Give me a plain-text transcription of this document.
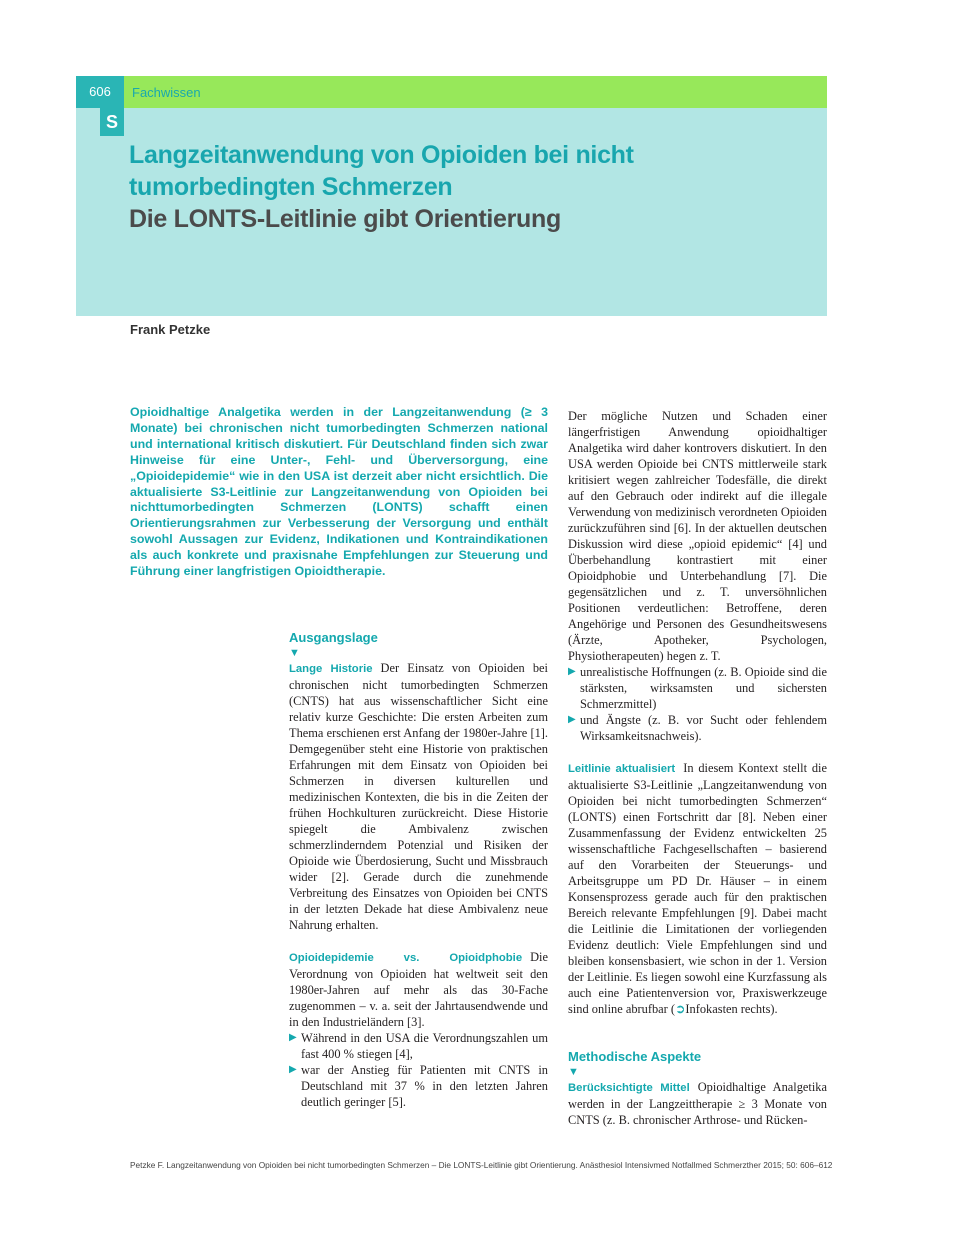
606	Fachwissen
S
Langzeitanwendung von Opioiden bei nicht tumorbedingten Schmerzen
Die LONTS-Leitlinie gibt Orientierung
Frank Petzke

Opioidhaltige Analgetika werden in der Langzeitanwendung (≥ 3 Monate) bei chronischen nicht tumorbedingten Schmerzen national und international kritisch diskutiert. Für Deutschland finden sich zwar Hinweise für eine Unter-, Fehl- und Überversorgung, eine „Opioidepidemie“ wie in den USA ist derzeit aber nicht ersichtlich. Die aktualisierte S3-Leitlinie zur Langzeitanwendung von Opioiden bei nichttumorbedingten Schmerzen (LONTS) schafft einen Orientierungsrahmen zur Verbesserung der Versorgung und enthält sowohl Aussagen zur Evidenz, Indikationen und Kontraindikationen als auch konkrete und praxisnahe Empfehlungen zur Steuerung und Führung einer langfristigen Opioidtherapie.

Ausgangslage
▼

Lange Historie Der Einsatz von Opioiden bei chronischen nicht tumorbedingten Schmerzen (CNTS) hat aus wissenschaftlicher Sicht eine relativ kurze Geschichte: Die ersten Arbeiten zum Thema erschienen erst Anfang der 1980er-Jahre [1]. Demgegenüber steht eine Historie von praktischen Erfahrungen mit dem Einsatz von Opioiden bei Schmerzen in diversen kulturellen und medizinischen Kontexten, die bis in die Zeiten der frühen Hochkulturen zurückreicht. Diese Historie spiegelt die Ambivalenz zwischen schmerzlinderndem Potenzial und Risiken der Opioide wie Überdosierung, Sucht und Missbrauch wider [2]. Gerade durch die zunehmende Verbreitung des Einsatzes von Opioiden bei CNTS in der letzten Dekade hat diese Ambivalenz neue Nahrung erhalten.

Opioidepidemie vs. Opioidphobie Die Verordnung von Opioiden hat weltweit seit den 1980er-Jahren auf mehr als das 30-Fache zugenommen – v. a. seit der Jahrtausendwende und in den Industrieländern [3].

▶ Während in den USA die Verordnungszahlen um fast 400 % stiegen [4],
▶ war der Anstieg für Patienten mit CNTS in Deutschland mit 37 % in den letzten Jahren deutlich geringer [5].

Der mögliche Nutzen und Schaden einer längerfristigen Anwendung opioidhaltiger Analgetika wird daher kontrovers diskutiert. In den USA werden Opioide bei CNTS mittlerweile stark kritisiert wegen zahlreicher Todesfälle, die direkt auf den Gebrauch oder indirekt auf die illegale Verwendung von medizinisch verordneten Opioiden zurückzuführen sind [6]. In der aktuellen deutschen Diskussion wird diese „opioid epidemic“ [4] und Überbehandlung kontrastiert mit einer Opioidphobie und Unterbehandlung [7]. Die gegensätzlichen und z. T. unversöhnlichen Positionen verdeutlichen: Betroffene, deren Angehörige und Personen des Gesundheitswesens (Ärzte, Apotheker, Psychologen, Physiotherapeuten) hegen z. T.

▶ unrealistische Hoffnungen (z. B. Opioide sind die stärksten, wirksamsten und sichersten Schmerzmittel)
▶ und Ängste (z. B. vor Sucht oder fehlendem Wirksamkeitsnachweis).

Leitlinie aktualisiert In diesem Kontext stellt die aktualisierte S3-Leitlinie „Langzeitanwendung von Opioiden bei nicht tumorbedingten Schmerzen“ (LONTS) einen Fortschritt dar [8]. Neben einer Zusammenfassung der Evidenz entwickelten 25 wissenschaftliche Fachgesellschaften – basierend auf den Vorarbeiten der Steuerungs- und Arbeitsgruppe um PD Dr. Häuser – in einem Konsensprozess gerade auch für den praktischen Bereich relevante Empfehlungen [9]. Dabei macht die Leitlinie die Limitationen der vorliegenden Evidenz deutlich: Viele Empfehlungen sind und bleiben konsensbasiert, wie schon in der 1. Version der Leitlinie. Es liegen sowohl eine Kurzfassung als auch eine Patientenversion vor, Praxiswerkzeuge sind online abrufbar (➲Infokasten rechts).

Methodische Aspekte
▼

Berücksichtigte Mittel Opioidhaltige Analgetika werden in der Langzeittherapie ≥ 3 Monate von CNTS (z. B. chronischer Arthrose- und Rücken-

Petzke F. Langzeitanwendung von Opioiden bei nicht tumorbedingten Schmerzen – Die LONTS-Leitlinie gibt Orientierung. Anästhesiol Intensivmed Notfallmed Schmerzther 2015; 50: 606–612
